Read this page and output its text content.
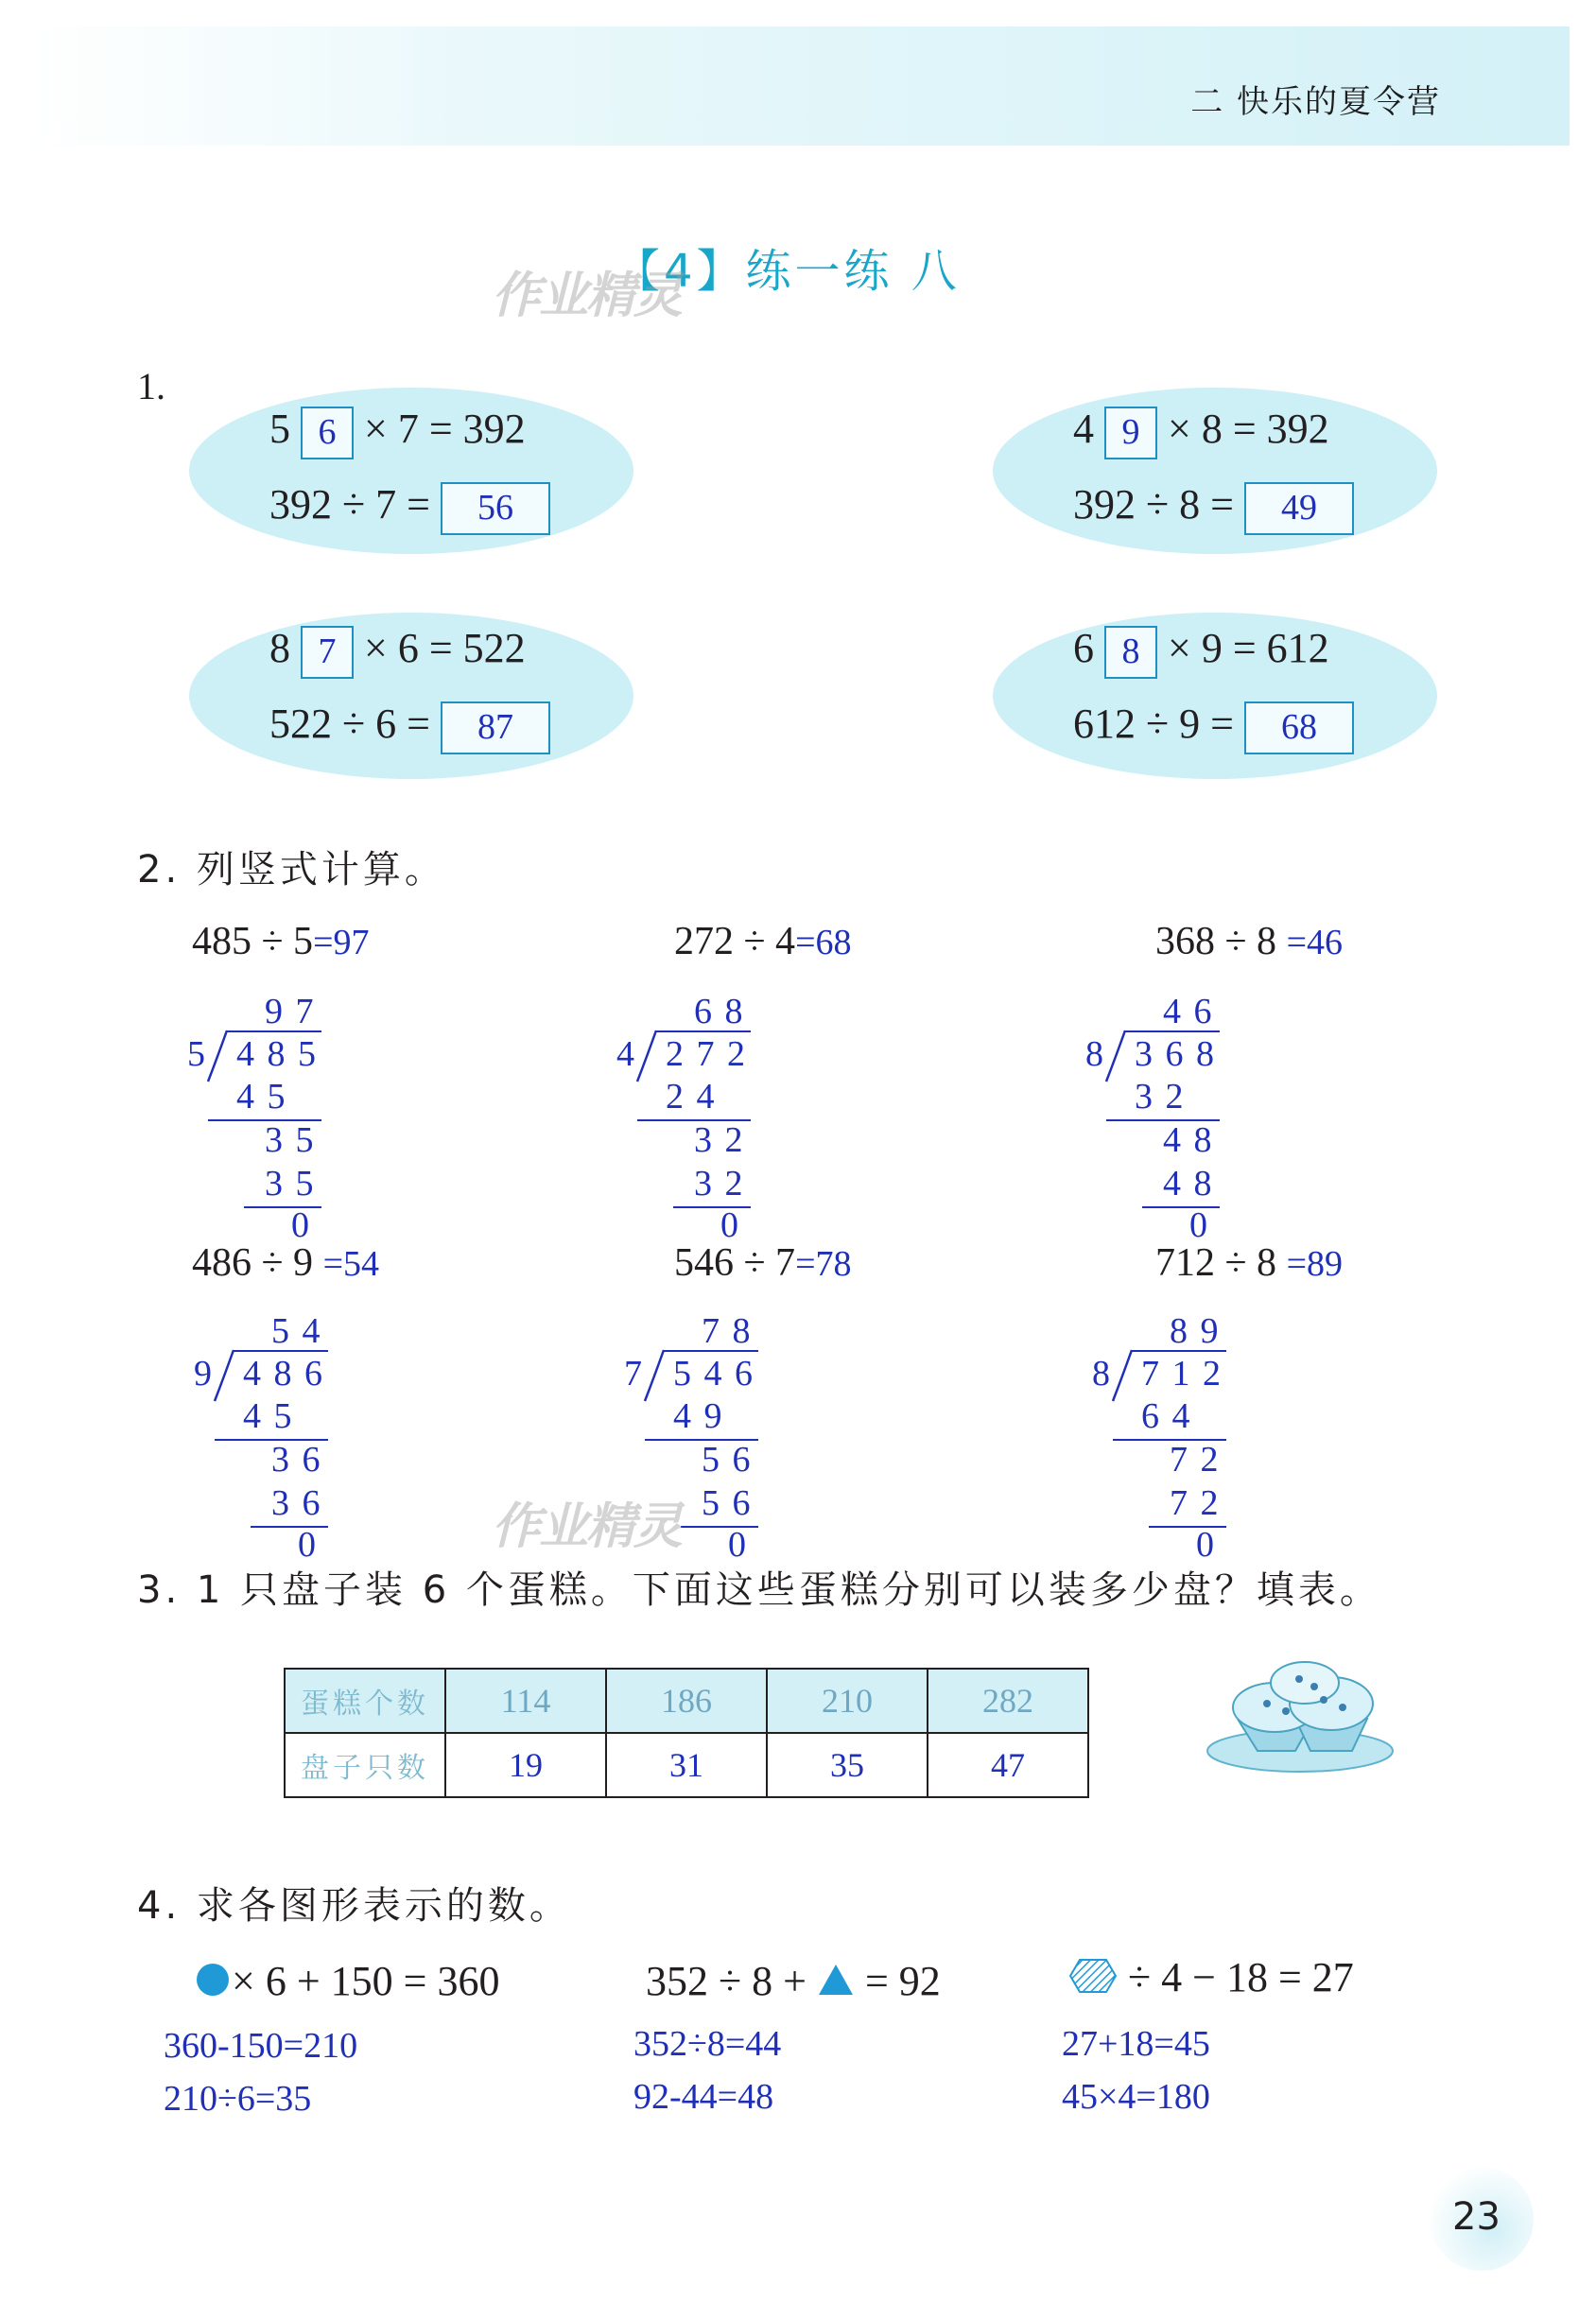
二 快乐的夏令营
【4】练一练 八
作业精灵
1.
5 6 × 7 = 392
392 ÷ 7 = 56
4 9 × 8 = 392
392 ÷ 8 = 49
8 7 × 6 = 522
522 ÷ 6 = 87
6 8 × 9 = 612
612 ÷ 9 = 68
2. 列竖式计算。
485 ÷ 5=97	272 ÷ 4=68	368 ÷ 8 =46
9 7
5 4 8 5
4 5
3 5
3 5
0
6 8
4 2 7 2
2 4
3 2
3 2
0
4 6
8 3 6 8
3 2
4 8
4 8
0
486 ÷ 9 =54	546 ÷ 7=78	712 ÷ 8 =89
5 4
9 4 8 6
4 5
3 6
3 6
0
7 8
7 5 4 6
4 9
5 6
5 6
0
8 9
8 7 1 2
6 4
7 2
7 2
0
作业精灵
3. 1 只盘子装 6 个蛋糕。下面这些蛋糕分别可以装多少盘？填表。
蛋糕个数	114	186	210	282
盘子只数	19	31	35	47
4. 求各图形表示的数。
× 6 + 150 = 360	352 ÷ 8 + = 92	÷ 4 − 18 = 27
360-150=210
210÷6=35
352÷8=44
92-44=48
27+18=45
45×4=180
23
